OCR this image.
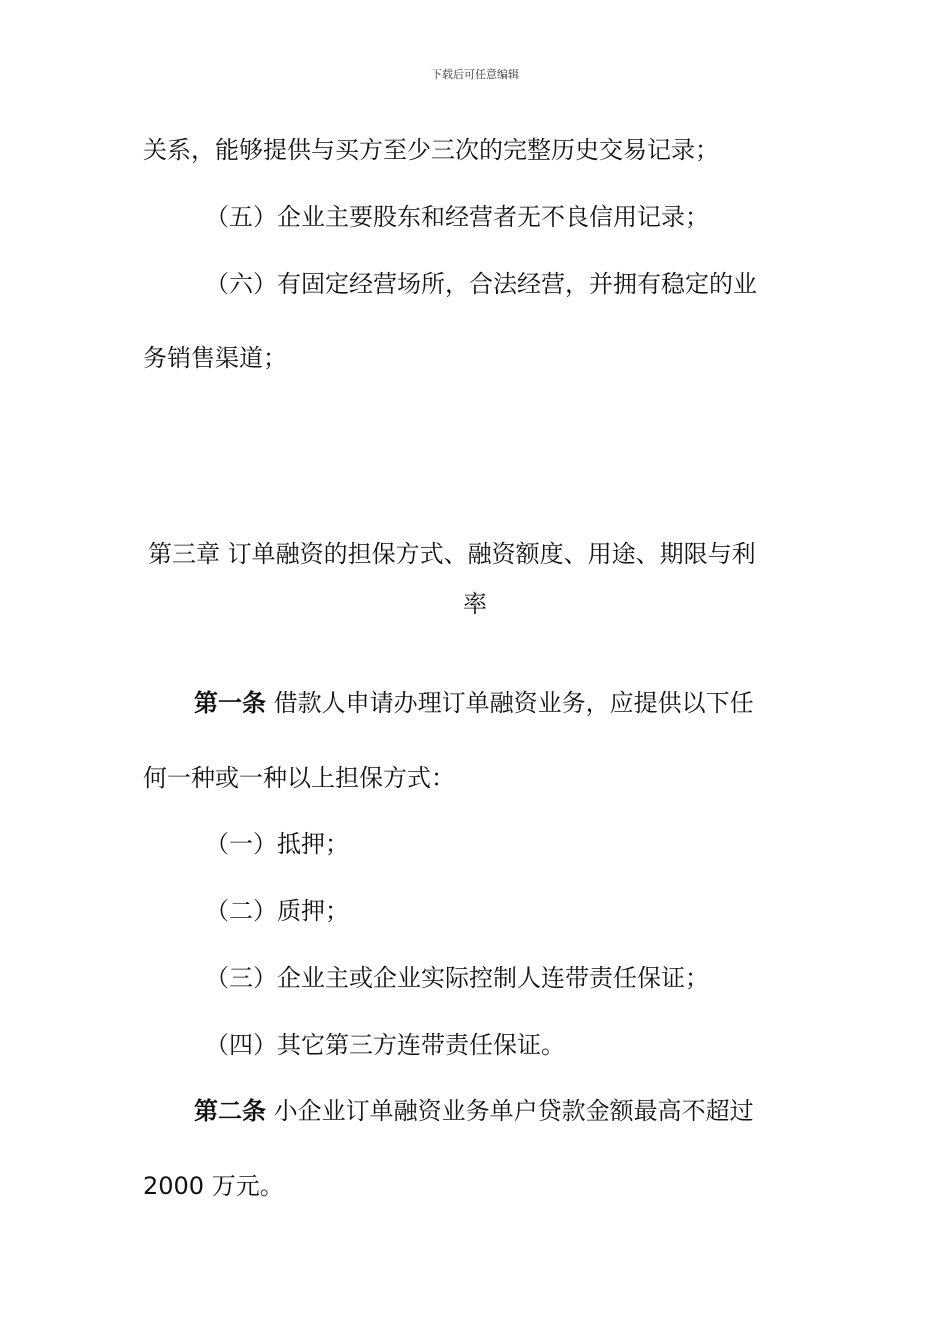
下载后可任意编辑
关系，能够提供与买方至少三次的完整历史交易记录；
（五）企业主要股东和经营者无不良信用记录；
（六）有固定经营场所，合法经营，并拥有稳定的业
务销售渠道；
第三章 订单融资的担保方式、融资额度、用途、期限与利
率
第一条 借款人申请办理订单融资业务，应提供以下任
何一种或一种以上担保方式：
（一）抵押；
（二）质押；
（三）企业主或企业实际控制人连带责任保证；
（四）其它第三方连带责任保证。
第二条 小企业订单融资业务单户贷款金额最高不超过
2000 万元。
